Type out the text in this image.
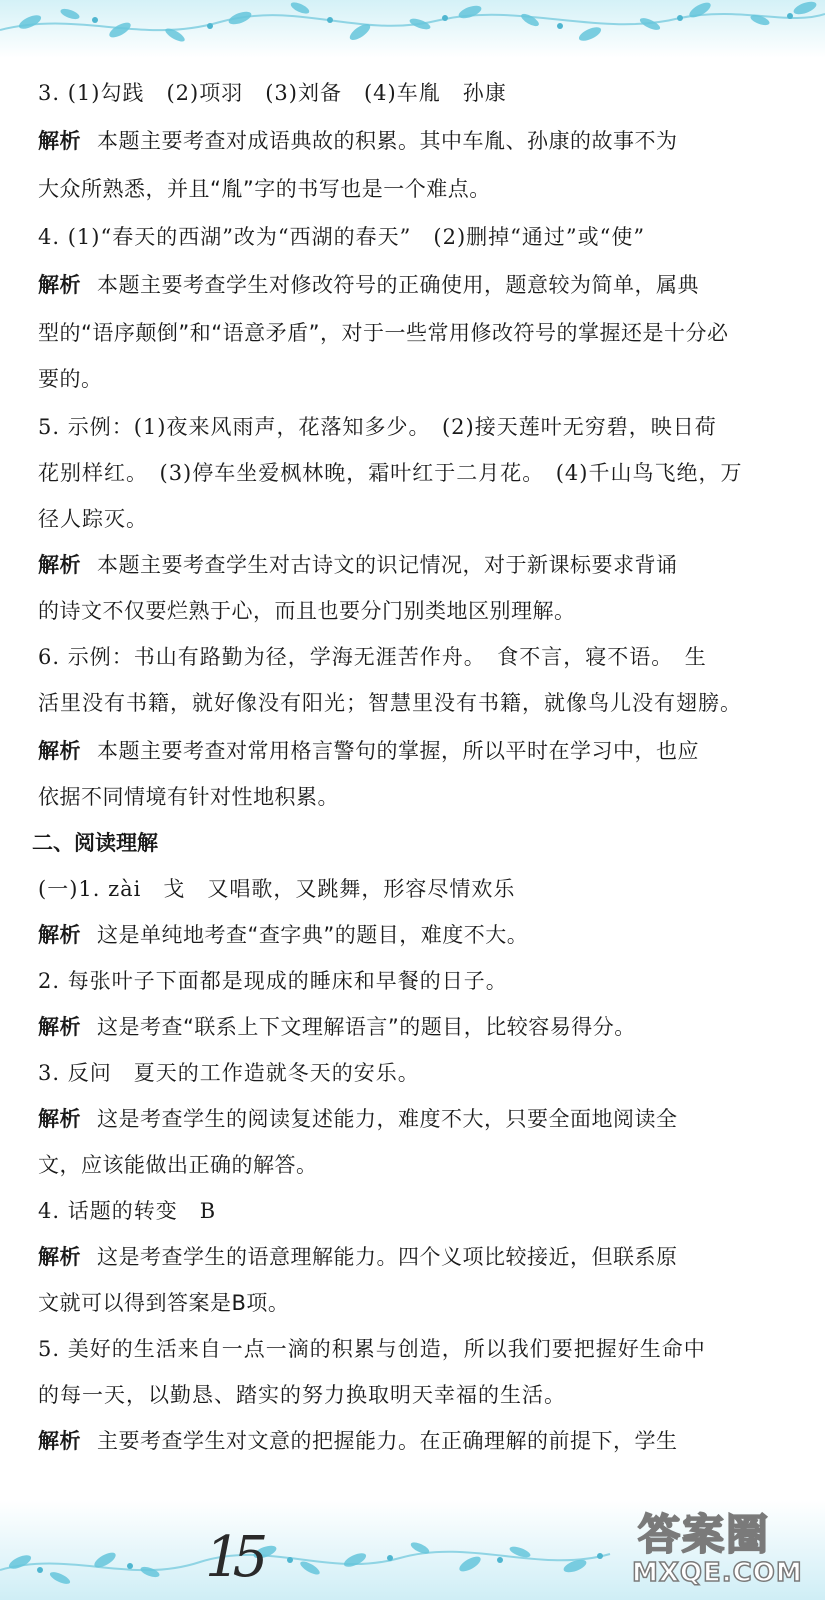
3. (1)勾践　(2)项羽　(3)刘备　(4)车胤　孙康
解析 本题主要考查对成语典故的积累。其中车胤、孙康的故事不为
大众所熟悉，并且“胤”字的书写也是一个难点。
4. (1)“春天的西湖”改为“西湖的春天”　(2)删掉“通过”或“使”
解析 本题主要考查学生对修改符号的正确使用，题意较为简单，属典
型的“语序颠倒”和“语意矛盾”，对于一些常用修改符号的掌握还是十分必
要的。
5. 示例：(1)夜来风雨声，花落知多少。　(2)接天莲叶无穷碧，映日荷
花别样红。　(3)停车坐爱枫林晚，霜叶红于二月花。　(4)千山鸟飞绝，万
径人踪灭。
解析 本题主要考查学生对古诗文的识记情况，对于新课标要求背诵
的诗文不仅要烂熟于心，而且也要分门别类地区别理解。
6. 示例：书山有路勤为径，学海无涯苦作舟。　食不言，寝不语。　生
活里没有书籍，就好像没有阳光；智慧里没有书籍，就像鸟儿没有翅膀。
解析 本题主要考查对常用格言警句的掌握，所以平时在学习中，也应
依据不同情境有针对性地积累。
二、阅读理解
(一)1. zài　戈　又唱歌，又跳舞，形容尽情欢乐
解析 这是单纯地考查“查字典”的题目，难度不大。
2. 每张叶子下面都是现成的睡床和早餐的日子。
解析 这是考查“联系上下文理解语言”的题目，比较容易得分。
3. 反问　夏天的工作造就冬天的安乐。
解析 这是考查学生的阅读复述能力，难度不大，只要全面地阅读全
文，应该能做出正确的解答。
4. 话题的转变　B
解析 这是考查学生的语意理解能力。四个义项比较接近，但联系原
文就可以得到答案是B项。
5. 美好的生活来自一点一滴的积累与创造，所以我们要把握好生命中
的每一天，以勤恳、踏实的努力换取明天幸福的生活。
解析 主要考查学生对文意的把握能力。在正确理解的前提下，学生
15	答案圈
MXQE.COM
